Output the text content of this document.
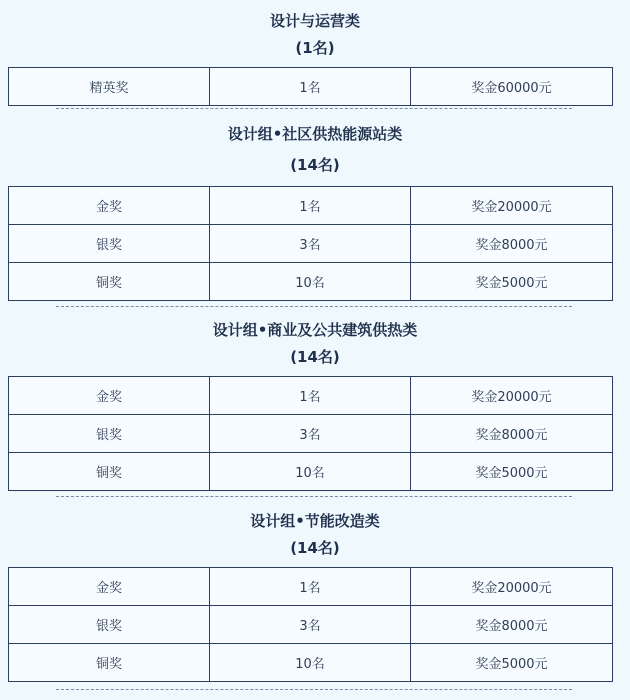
设计与运营类
(1名)
精英奖	1名	奖金60000元
设计组•社区供热能源站类
(14名)
金奖	1名	奖金20000元
银奖	3名	奖金8000元
铜奖	10名	奖金5000元
设计组•商业及公共建筑供热类
(14名)
金奖	1名	奖金20000元
银奖	3名	奖金8000元
铜奖	10名	奖金5000元
设计组•节能改造类
(14名)
金奖	1名	奖金20000元
银奖	3名	奖金8000元
铜奖	10名	奖金5000元
